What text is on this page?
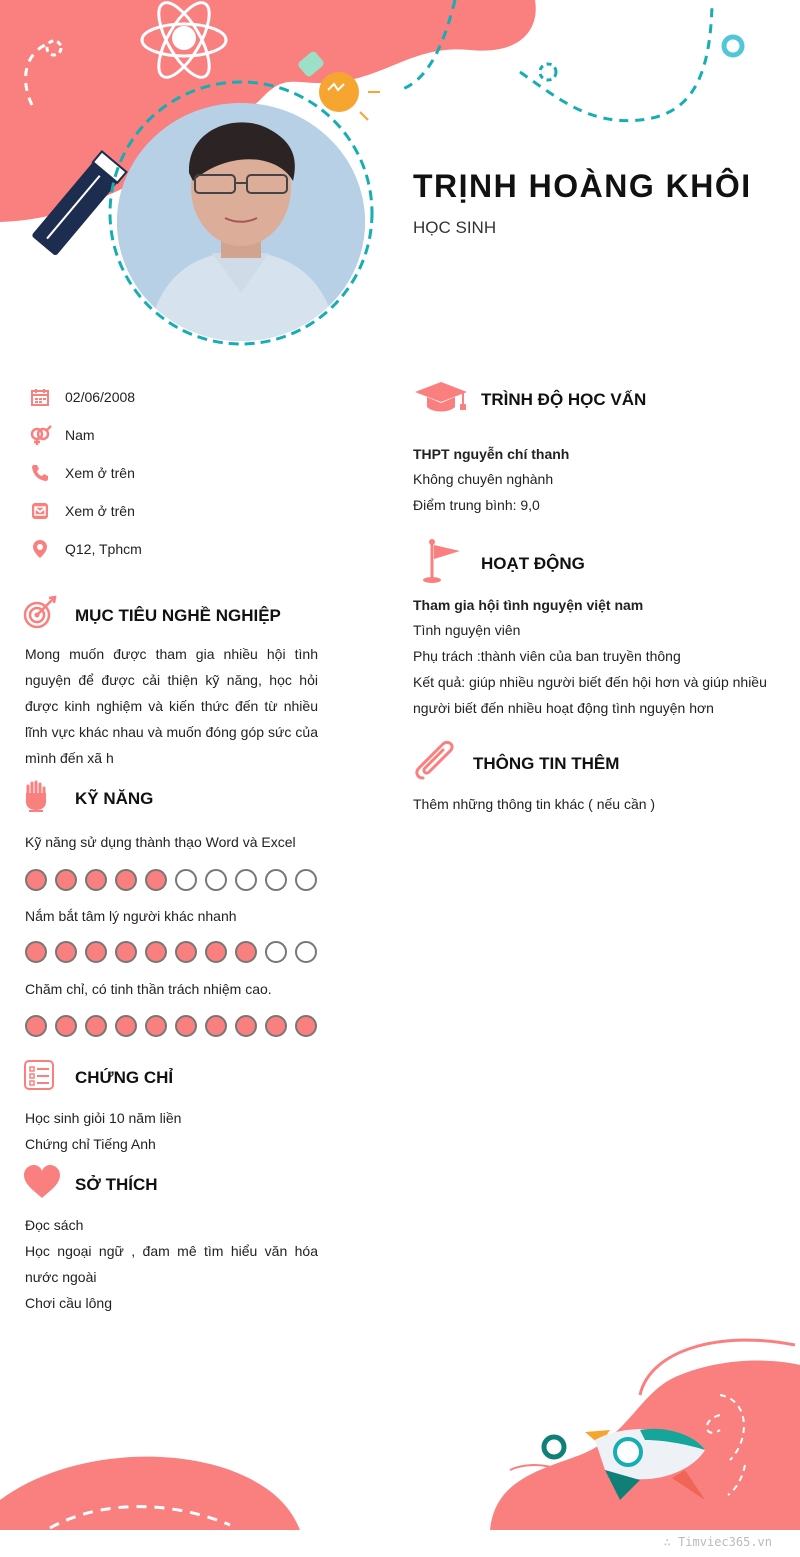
TRỊNH HOÀNG KHÔI
HỌC SINH
02/06/2008
Nam
Xem ở trên
Xem ở trên
Q12, Tphcm
MỤC TIÊU NGHỀ NGHIỆP
Mong muốn được tham gia nhiều hội tình nguyện để được cải thiện kỹ năng, học hỏi được kinh nghiệm và kiến thức đến từ nhiều lĩnh vực khác nhau và muốn đóng góp sức của mình đến xã h
KỸ NĂNG
Kỹ năng sử dụng thành thạo Word và Excel
Nắm bắt tâm lý người khác nhanh
Chăm chỉ, có tinh thần trách nhiệm cao.
CHỨNG CHỈ
Học sinh giỏi 10 năm liền
Chứng chỉ Tiếng Anh
SỞ THÍCH
Đọc sách
Học ngoại ngữ , đam mê tìm hiểu văn hóa nước ngoài
Chơi cầu lông
TRÌNH ĐỘ HỌC VẤN
THPT nguyễn chí thanh
Không chuyên nghành
Điểm trung bình: 9,0
HOẠT ĐỘNG
Tham gia hội tình nguyện việt nam
Tình nguyện viên
Phụ trách :thành viên của ban truyền thông
Kết quả: giúp nhiều người biết đến hội hơn và giúp nhiều
người biết đến nhiều hoạt động tình nguyện hơn
THÔNG TIN THÊM
Thêm những thông tin khác ( nếu cần )
∴ Timviec365.vn
